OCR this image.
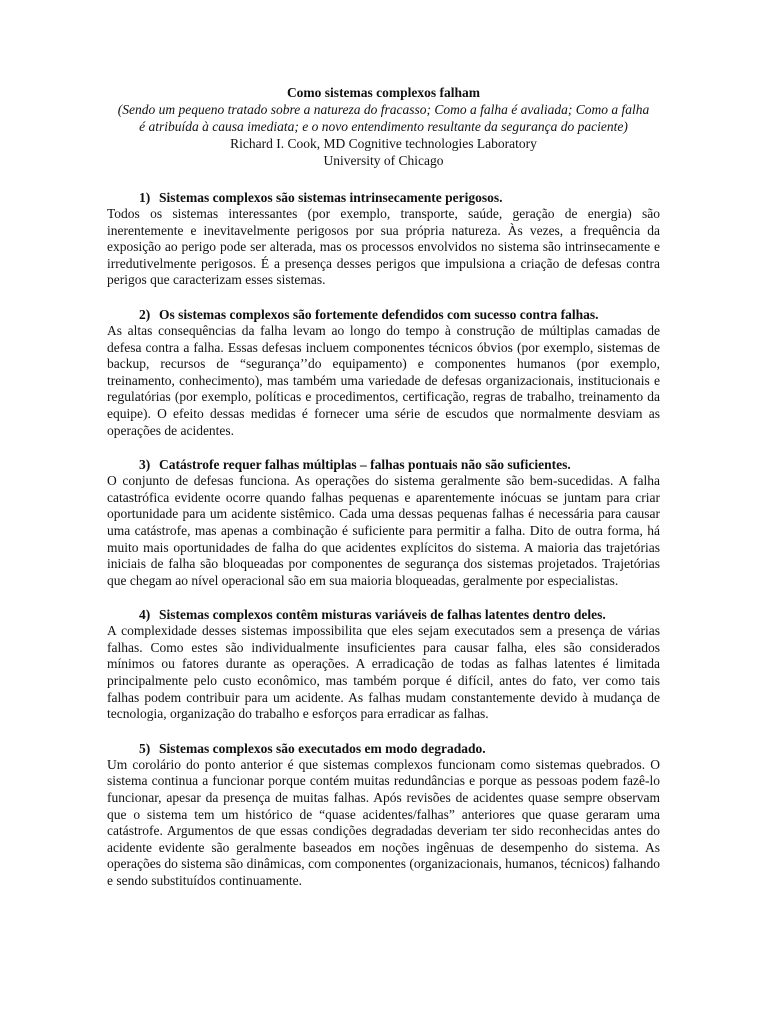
Como sistemas complexos falham
(Sendo um pequeno tratado sobre a natureza do fracasso; Como a falha é avaliada; Como a falha
é atribuída à causa imediata; e o novo entendimento resultante da segurança do paciente)
Richard I. Cook, MD Cognitive technologies Laboratory
University of Chicago
1) Sistemas complexos são sistemas intrinsecamente perigosos.

Todos os sistemas interessantes (por exemplo, transporte, saúde, geração de energia) são inerentemente e inevitavelmente perigosos por sua própria natureza. Às vezes, a frequência da exposição ao perigo pode ser alterada, mas os processos envolvidos no sistema são intrinsecamente e irredutivelmente perigosos. É a presença desses perigos que impulsiona a criação de defesas contra perigos que caracterizam esses sistemas.

2) Os sistemas complexos são fortemente defendidos com sucesso contra falhas.

As altas consequências da falha levam ao longo do tempo à construção de múltiplas camadas de defesa contra a falha. Essas defesas incluem componentes técnicos óbvios (por exemplo, sistemas de backup, recursos de “segurança’’do equipamento) e componentes humanos (por exemplo, treinamento, conhecimento), mas também uma variedade de defesas organizacionais, institucionais e regulatórias (por exemplo, políticas e procedimentos, certificação, regras de trabalho, treinamento da equipe). O efeito dessas medidas é fornecer uma série de escudos que normalmente desviam as operações de acidentes.

3) Catástrofe requer falhas múltiplas – falhas pontuais não são suficientes.

O conjunto de defesas funciona. As operações do sistema geralmente são bem-sucedidas. A falha catastrófica evidente ocorre quando falhas pequenas e aparentemente inócuas se juntam para criar oportunidade para um acidente sistêmico. Cada uma dessas pequenas falhas é necessária para causar uma catástrofe, mas apenas a combinação é suficiente para permitir a falha. Dito de outra forma, há muito mais oportunidades de falha do que acidentes explícitos do sistema. A maioria das trajetórias iniciais de falha são bloqueadas por componentes de segurança dos sistemas projetados. Trajetórias que chegam ao nível operacional são em sua maioria bloqueadas, geralmente por especialistas.

4) Sistemas complexos contêm misturas variáveis de falhas latentes dentro deles.

A complexidade desses sistemas impossibilita que eles sejam executados sem a presença de várias falhas. Como estes são individualmente insuficientes para causar falha, eles são considerados mínimos ou fatores durante as operações. A erradicação de todas as falhas latentes é limitada principalmente pelo custo econômico, mas também porque é difícil, antes do fato, ver como tais falhas podem contribuir para um acidente. As falhas mudam constantemente devido à mudança de tecnologia, organização do trabalho e esforços para erradicar as falhas.

5) Sistemas complexos são executados em modo degradado.

Um corolário do ponto anterior é que sistemas complexos funcionam como sistemas quebrados. O sistema continua a funcionar porque contém muitas redundâncias e porque as pessoas podem fazê-lo funcionar, apesar da presença de muitas falhas. Após revisões de acidentes quase sempre observam que o sistema tem um histórico de “quase acidentes/falhas” anteriores que quase geraram uma catástrofe. Argumentos de que essas condições degradadas deveriam ter sido reconhecidas antes do acidente evidente são geralmente baseados em noções ingênuas de desempenho do sistema. As operações do sistema são dinâmicas, com componentes (organizacionais, humanos, técnicos) falhando e sendo substituídos continuamente.
